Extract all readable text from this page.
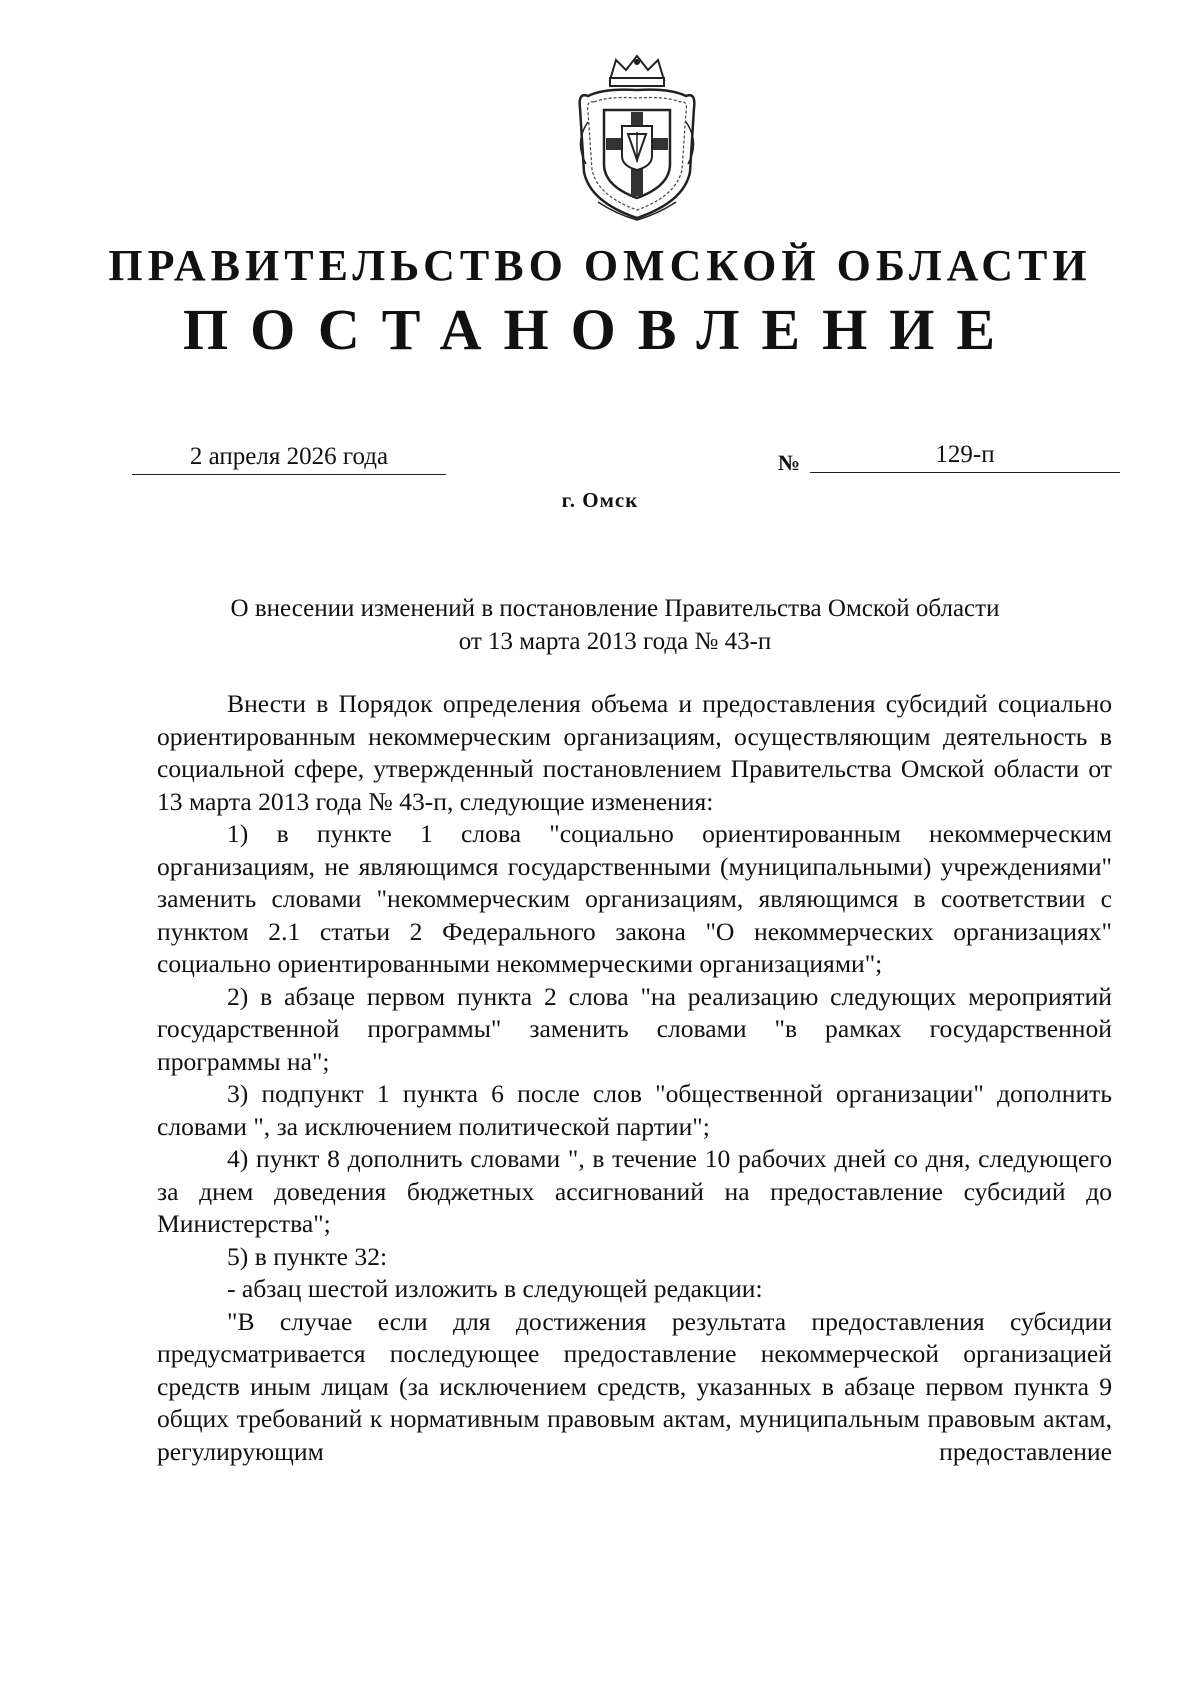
ПРАВИТЕЛЬСТВО ОМСКОЙ ОБЛАСТИ
ПОСТАНОВЛЕНИЕ
2 апреля 2026 года	№	129-п
г. Омск
О внесении изменений в постановление Правительства Омской области
от 13 марта 2013 года № 43-п

Внести в Порядок определения объема и предоставления субсидий социально ориентированным некоммерческим организациям, осуществляющим деятельность в социальной сфере, утвержденный постановлением Правительства Омской области от 13 марта 2013 года № 43-п, следующие изменения:

1) в пункте 1 слова "социально ориентированным некоммерческим организациям, не являющимся государственными (муниципальными) учреждениями" заменить словами "некоммерческим организациям, являющимся в соответствии с пунктом 2.1 статьи 2 Федерального закона "О некоммерческих организациях" социально ориентированными некоммерческими организациями";

2) в абзаце первом пункта 2 слова "на реализацию следующих мероприятий государственной программы" заменить словами "в рамках государственной программы на";

3) подпункт 1 пункта 6 после слов "общественной организации" дополнить словами ", за исключением политической партии";

4) пункт 8 дополнить словами ", в течение 10 рабочих дней со дня, следующего за днем доведения бюджетных ассигнований на предоставление субсидий до Министерства";

5) в пункте 32:

- абзац шестой изложить в следующей редакции:

"В случае если для достижения результата предоставления субсидии предусматривается последующее предоставление некоммерческой организацией средств иным лицам (за исключением средств, указанных в абзаце первом пункта 9 общих требований к нормативным правовым актам, муниципальным правовым актам, регулирующим предоставление
